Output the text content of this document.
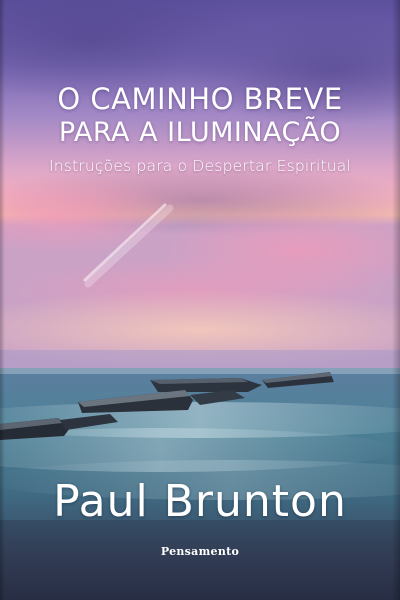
O CAMINHO BREVE
PARA A ILUMINAÇÃO
Instruções para o Despertar Espiritual
Paul Brunton
Pensamento
